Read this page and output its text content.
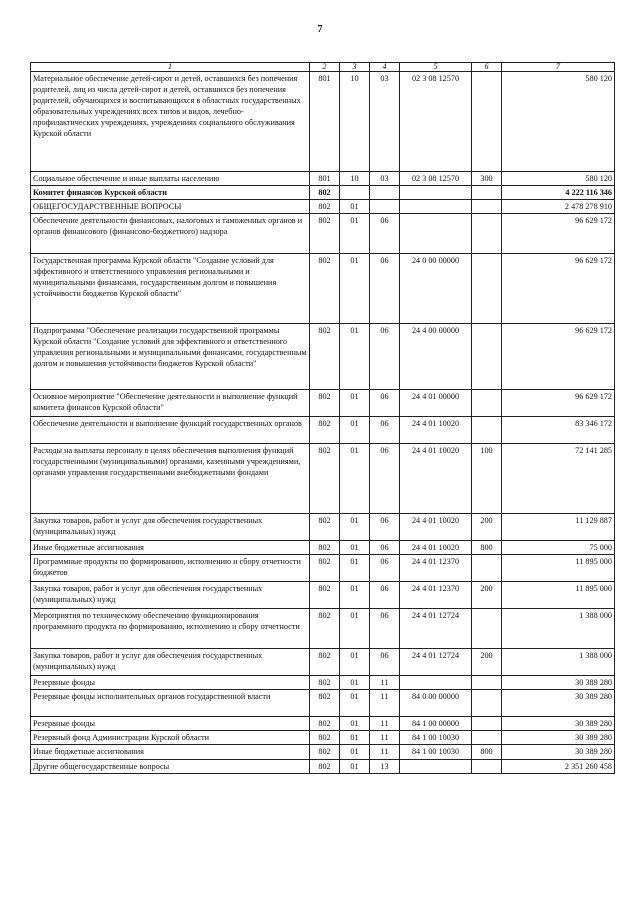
7
1	2	3	4	5	6	7
Материальное обеспечение детей-сирот и детей, оставшихся без попечения родителей, лиц из числа детей-сирот и детей, оставшихся без попечения родителей, обучающихся и воспитывающихся в областных государственных образовательных учреждениях всех типов и видов, лечебно-профилактических учреждениях, учреждениях социального обслуживания Курской области	801	10	03	02 3 08 12570		580 120
Социальное обеспечение и иные выплаты населению	801	10	03	02 3 08 12570	300	580 120
Комитет финансов Курской области	802					4 222 116 346
ОБЩЕГОСУДАРСТВЕННЫЕ ВОПРОСЫ	802	01				2 478 278 910
Обеспечение деятельности финансовых, налоговых и таможенных органов и органов финансового (финансово-бюджетного) надзора	802	01	06			96 629 172
Государственная программа Курской области "Создание условий для эффективного и ответственного управления региональными и муниципальными финансами, государственным долгом и повышения устойчивости бюджетов Курской области"	802	01	06	24 0 00 00000		96 629 172
Подпрограмма "Обеспечение реализации государственной программы Курской области "Создание условий для эффективного и ответственного управления региональными и муниципальными финансами, государственным долгом и повышения устойчивости бюджетов Курской области"	802	01	06	24 4 00 00000		96 629 172
Основное мероприятие "Обеспечение деятельности и выполнение функций комитета финансов Курской области"	802	01	06	24 4 01 00000		96 629 172
Обеспечение деятельности и выполнение функций государственных органов	802	01	06	24 4 01 10020		83 346 172
Расходы на выплаты персоналу в целях обеспечения выполнения функций государственными (муниципальными) органами, казенными учреждениями, органами управления государственными внебюджетными фондами	802	01	06	24 4 01 10020	100	72 141 285
Закупка товаров, работ и услуг для обеспечения государственных (муниципальных) нужд	802	01	06	24 4 01 10020	200	11 129 887
Иные бюджетные ассигнования	802	01	06	24 4 01 10020	800	75 000
Программные продукты по формированию, исполнению и сбору отчетности бюджетов	802	01	06	24 4 01 12370		11 895 000
Закупка товаров, работ и услуг для обеспечения государственных (муниципальных) нужд	802	01	06	24 4 01 12370	200	11 895 000
Мероприятия по техническому обеспечению функционирования программного продукта по формированию, исполнению и сбору отчетности	802	01	06	24 4 01 12724		1 388 000
Закупка товаров, работ и услуг для обеспечения государственных (муниципальных) нужд	802	01	06	24 4 01 12724	200	1 388 000
Резервные фонды	802	01	11			30 389 280
Резервные фонды исполнительных органов государственной власти	802	01	11	84 0 00 00000		30 389 280
Резервные фонды	802	01	11	84 1 00 00000		30 389 280
Резервный фонд Администрации Курской области	802	01	11	84 1 00 10030		30 389 280
Иные бюджетные ассигнования	802	01	11	84 1 00 10030	800	30 389 280
Другие общегосударственные вопросы	802	01	13			2 351 260 458
